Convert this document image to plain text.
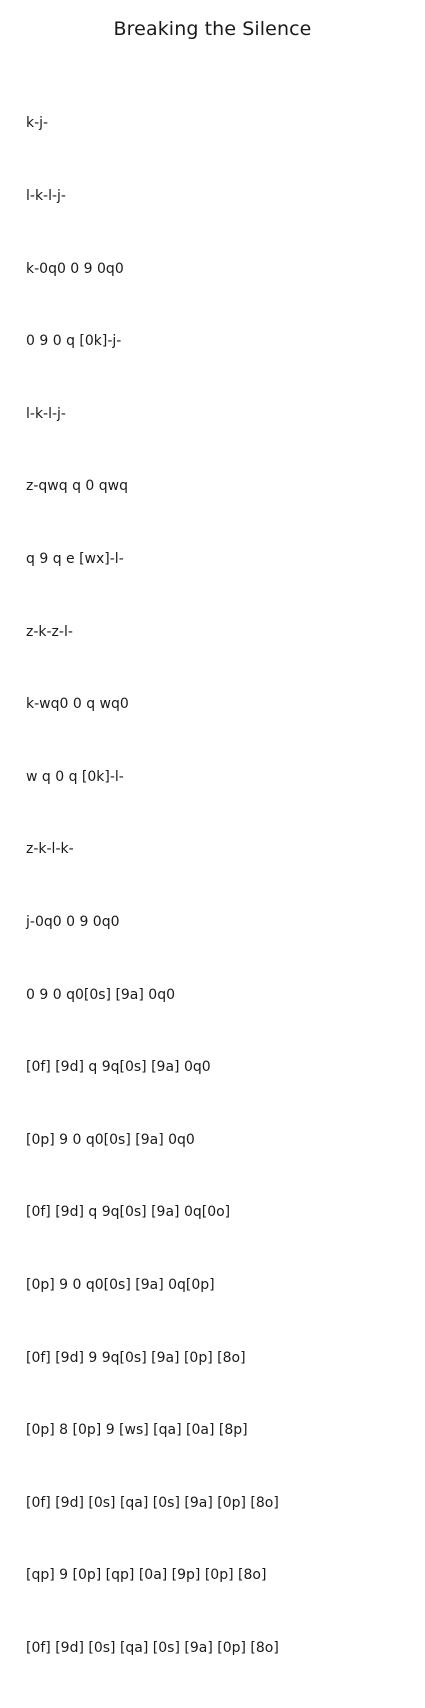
Breaking the Silence

k-j-

l-k-l-j-

k-0q0 0 9 0q0

0 9 0 q [0k]-j-

l-k-l-j-

z-qwq q 0 qwq

q 9 q e [wx]-l-

z-k-z-l-

k-wq0 0 q wq0

w q 0 q [0k]-l-

z-k-l-k-

j-0q0 0 9 0q0

0 9 0 q0[0s] [9a] 0q0

[0f] [9d] q 9q[0s] [9a] 0q0

[0p] 9 0 q0[0s] [9a] 0q0

[0f] [9d] q 9q[0s] [9a] 0q[0o]

[0p] 9 0 q0[0s] [9a] 0q[0p]

[0f] [9d] 9 9q[0s] [9a] [0p] [8o]

[0p] 8 [0p] 9 [ws] [qa] [0a] [8p]

[0f] [9d] [0s] [qa] [0s] [9a] [0p] [8o]

[qp] 9 [0p] [qp] [0a] [9p] [0p] [8o]

[0f] [9d] [0s] [qa] [0s] [9a] [0p] [8o]
